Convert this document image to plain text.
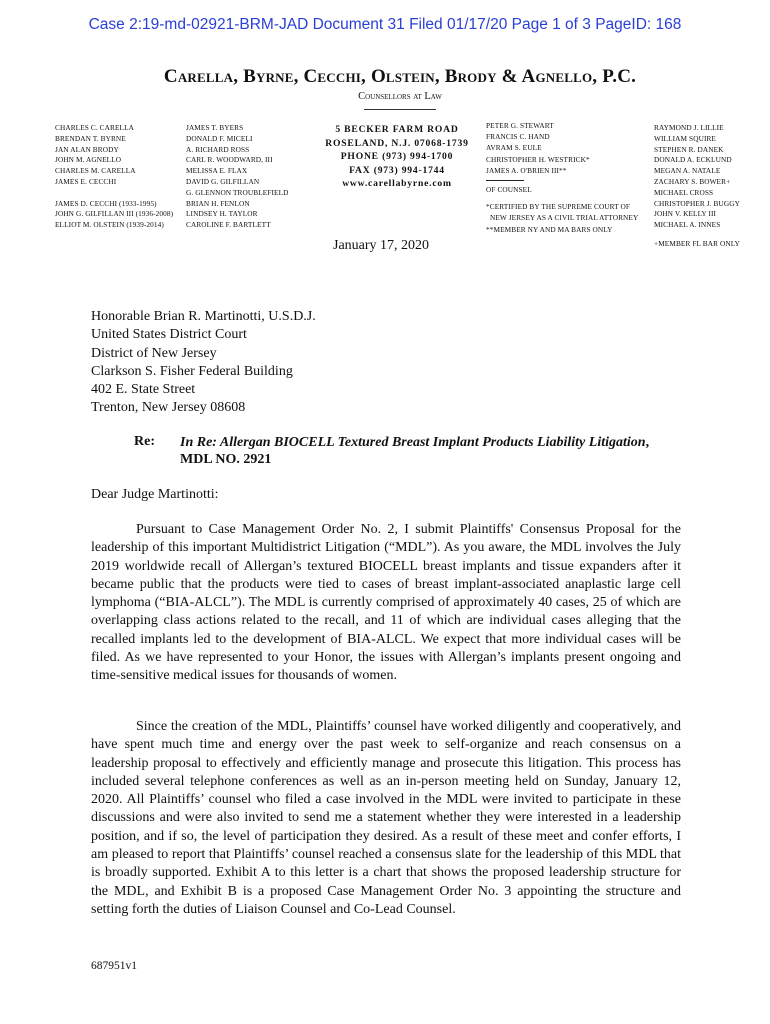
Case 2:19-md-02921-BRM-JAD Document 31 Filed 01/17/20 Page 1 of 3 PageID: 168
Carella, Byrne, Cecchi, Olstein, Brody & Agnello, P.C.
Counsellors at Law
CHARLES C. CARELLA
BRENDAN T. BYRNE
JAN ALAN BRODY
JOHN M. AGNELLO
CHARLES M. CARELLA
JAMES E. CECCHI
JAMES D. CECCHI (1933-1995)
JOHN G. GILFILLAN III (1936-2008)
ELLIOT M. OLSTEIN (1939-2014)
JAMES T. BYERS
DONALD F. MICELI
A. RICHARD ROSS
CARL R. WOODWARD, III
MELISSA E. FLAX
DAVID G. GILFILLAN
G. GLENNON TROUBLEFIELD
BRIAN H. FENLON
LINDSEY H. TAYLOR
CAROLINE F. BARTLETT
5 BECKER FARM ROAD
ROSELAND, N.J. 07068-1739
PHONE (973) 994-1700
FAX (973) 994-1744
www.carellabyrne.com
PETER G. STEWART
FRANCIS C. HAND
AVRAM S. EULE
CHRISTOPHER H. WESTRICK*
JAMES A. O'BRIEN III**
OF COUNSEL
*CERTIFIED BY THE SUPREME COURT OF
NEW JERSEY AS A CIVIL TRIAL ATTORNEY
**MEMBER NY AND MA BARS ONLY
RAYMOND J. LILLIE
WILLIAM SQUIRE
STEPHEN R. DANEK
DONALD A. ECKLUND
MEGAN A. NATALE
ZACHARY S. BOWER+
MICHAEL CROSS
CHRISTOPHER J. BUGGY
JOHN V. KELLY III
MICHAEL A. INNES
+MEMBER FL BAR ONLY
January 17, 2020
Honorable Brian R. Martinotti, U.S.D.J.
United States District Court
District of New Jersey
Clarkson S. Fisher Federal Building
402 E. State Street
Trenton, New Jersey 08608
Re: In Re: Allergan BIOCELL Textured Breast Implant Products Liability Litigation, MDL NO. 2921
Dear Judge Martinotti:
Pursuant to Case Management Order No. 2, I submit Plaintiffs' Consensus Proposal for the leadership of this important Multidistrict Litigation (“MDL”). As you aware, the MDL involves the July 2019 worldwide recall of Allergan’s textured BIOCELL breast implants and tissue expanders after it became public that the products were tied to cases of breast implant-associated anaplastic large cell lymphoma (“BIA-ALCL”). The MDL is currently comprised of approximately 40 cases, 25 of which are overlapping class actions related to the recall, and 11 of which are individual cases alleging that the recalled implants led to the development of BIA-ALCL. We expect that more individual cases will be filed. As we have represented to your Honor, the issues with Allergan’s implants present ongoing and time-sensitive medical issues for thousands of women.
Since the creation of the MDL, Plaintiffs’ counsel have worked diligently and cooperatively, and have spent much time and energy over the past week to self-organize and reach consensus on a leadership proposal to effectively and efficiently manage and prosecute this litigation. This process has included several telephone conferences as well as an in-person meeting held on Sunday, January 12, 2020. All Plaintiffs’ counsel who filed a case involved in the MDL were invited to participate in these discussions and were also invited to send me a statement whether they were interested in a leadership position, and if so, the level of participation they desired. As a result of these meet and confer efforts, I am pleased to report that Plaintiffs’ counsel reached a consensus slate for the leadership of this MDL that is broadly supported. Exhibit A to this letter is a chart that shows the proposed leadership structure for the MDL, and Exhibit B is a proposed Case Management Order No. 3 appointing the structure and setting forth the duties of Liaison Counsel and Co-Lead Counsel.
687951v1
